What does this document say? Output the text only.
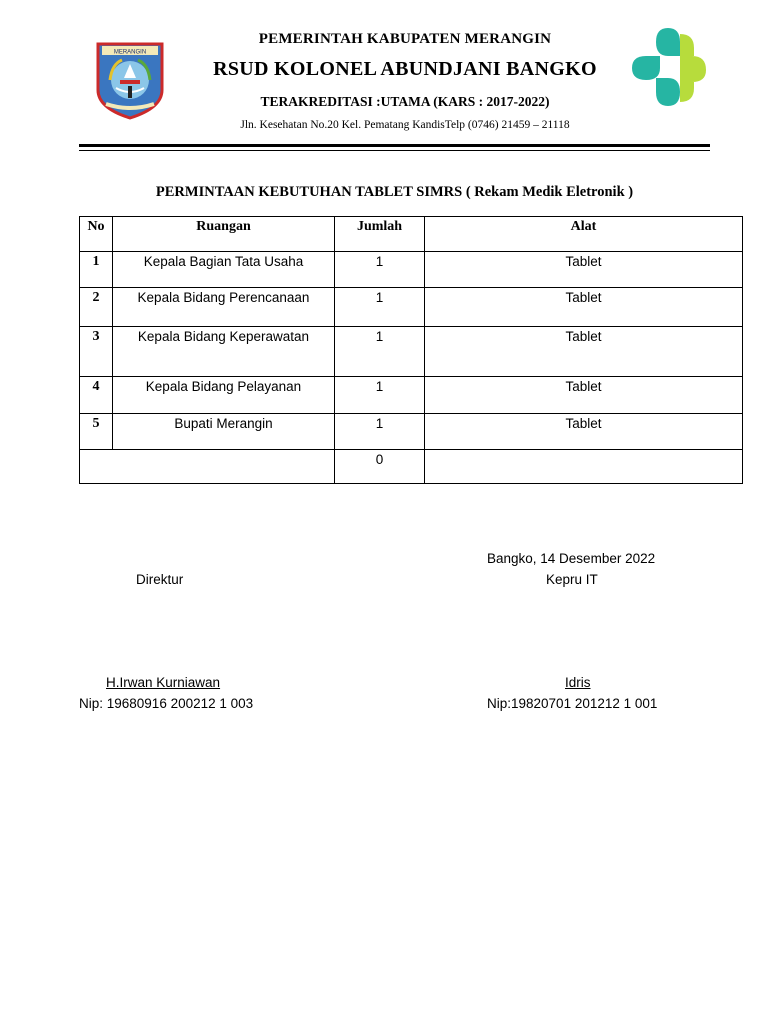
MERANGIN
PEMERINTAH KABUPATEN MERANGIN
RSUD KOLONEL ABUNDJANI BANGKO
TERAKREDITASI :UTAMA (KARS : 2017-2022)
Jln. Kesehatan No.20 Kel. Pematang KandisTelp (0746) 21459 – 21118
PERMINTAAN KEBUTUHAN TABLET SIMRS ( Rekam Medik Eletronik )
No	Ruangan	Jumlah	Alat
1	Kepala Bagian Tata Usaha	1	Tablet
2	Kepala Bidang Perencanaan	1	Tablet
3	Kepala Bidang Keperawatan	1	Tablet
4	Kepala Bidang Pelayanan	1	Tablet
5	Bupati Merangin	1	Tablet
		0	
Bangko, 14 Desember 2022
Direktur	Kepru IT
H.Irwan Kurniawan	Idris
Nip: 19680916 200212 1 003	Nip:19820701 201212 1 001
